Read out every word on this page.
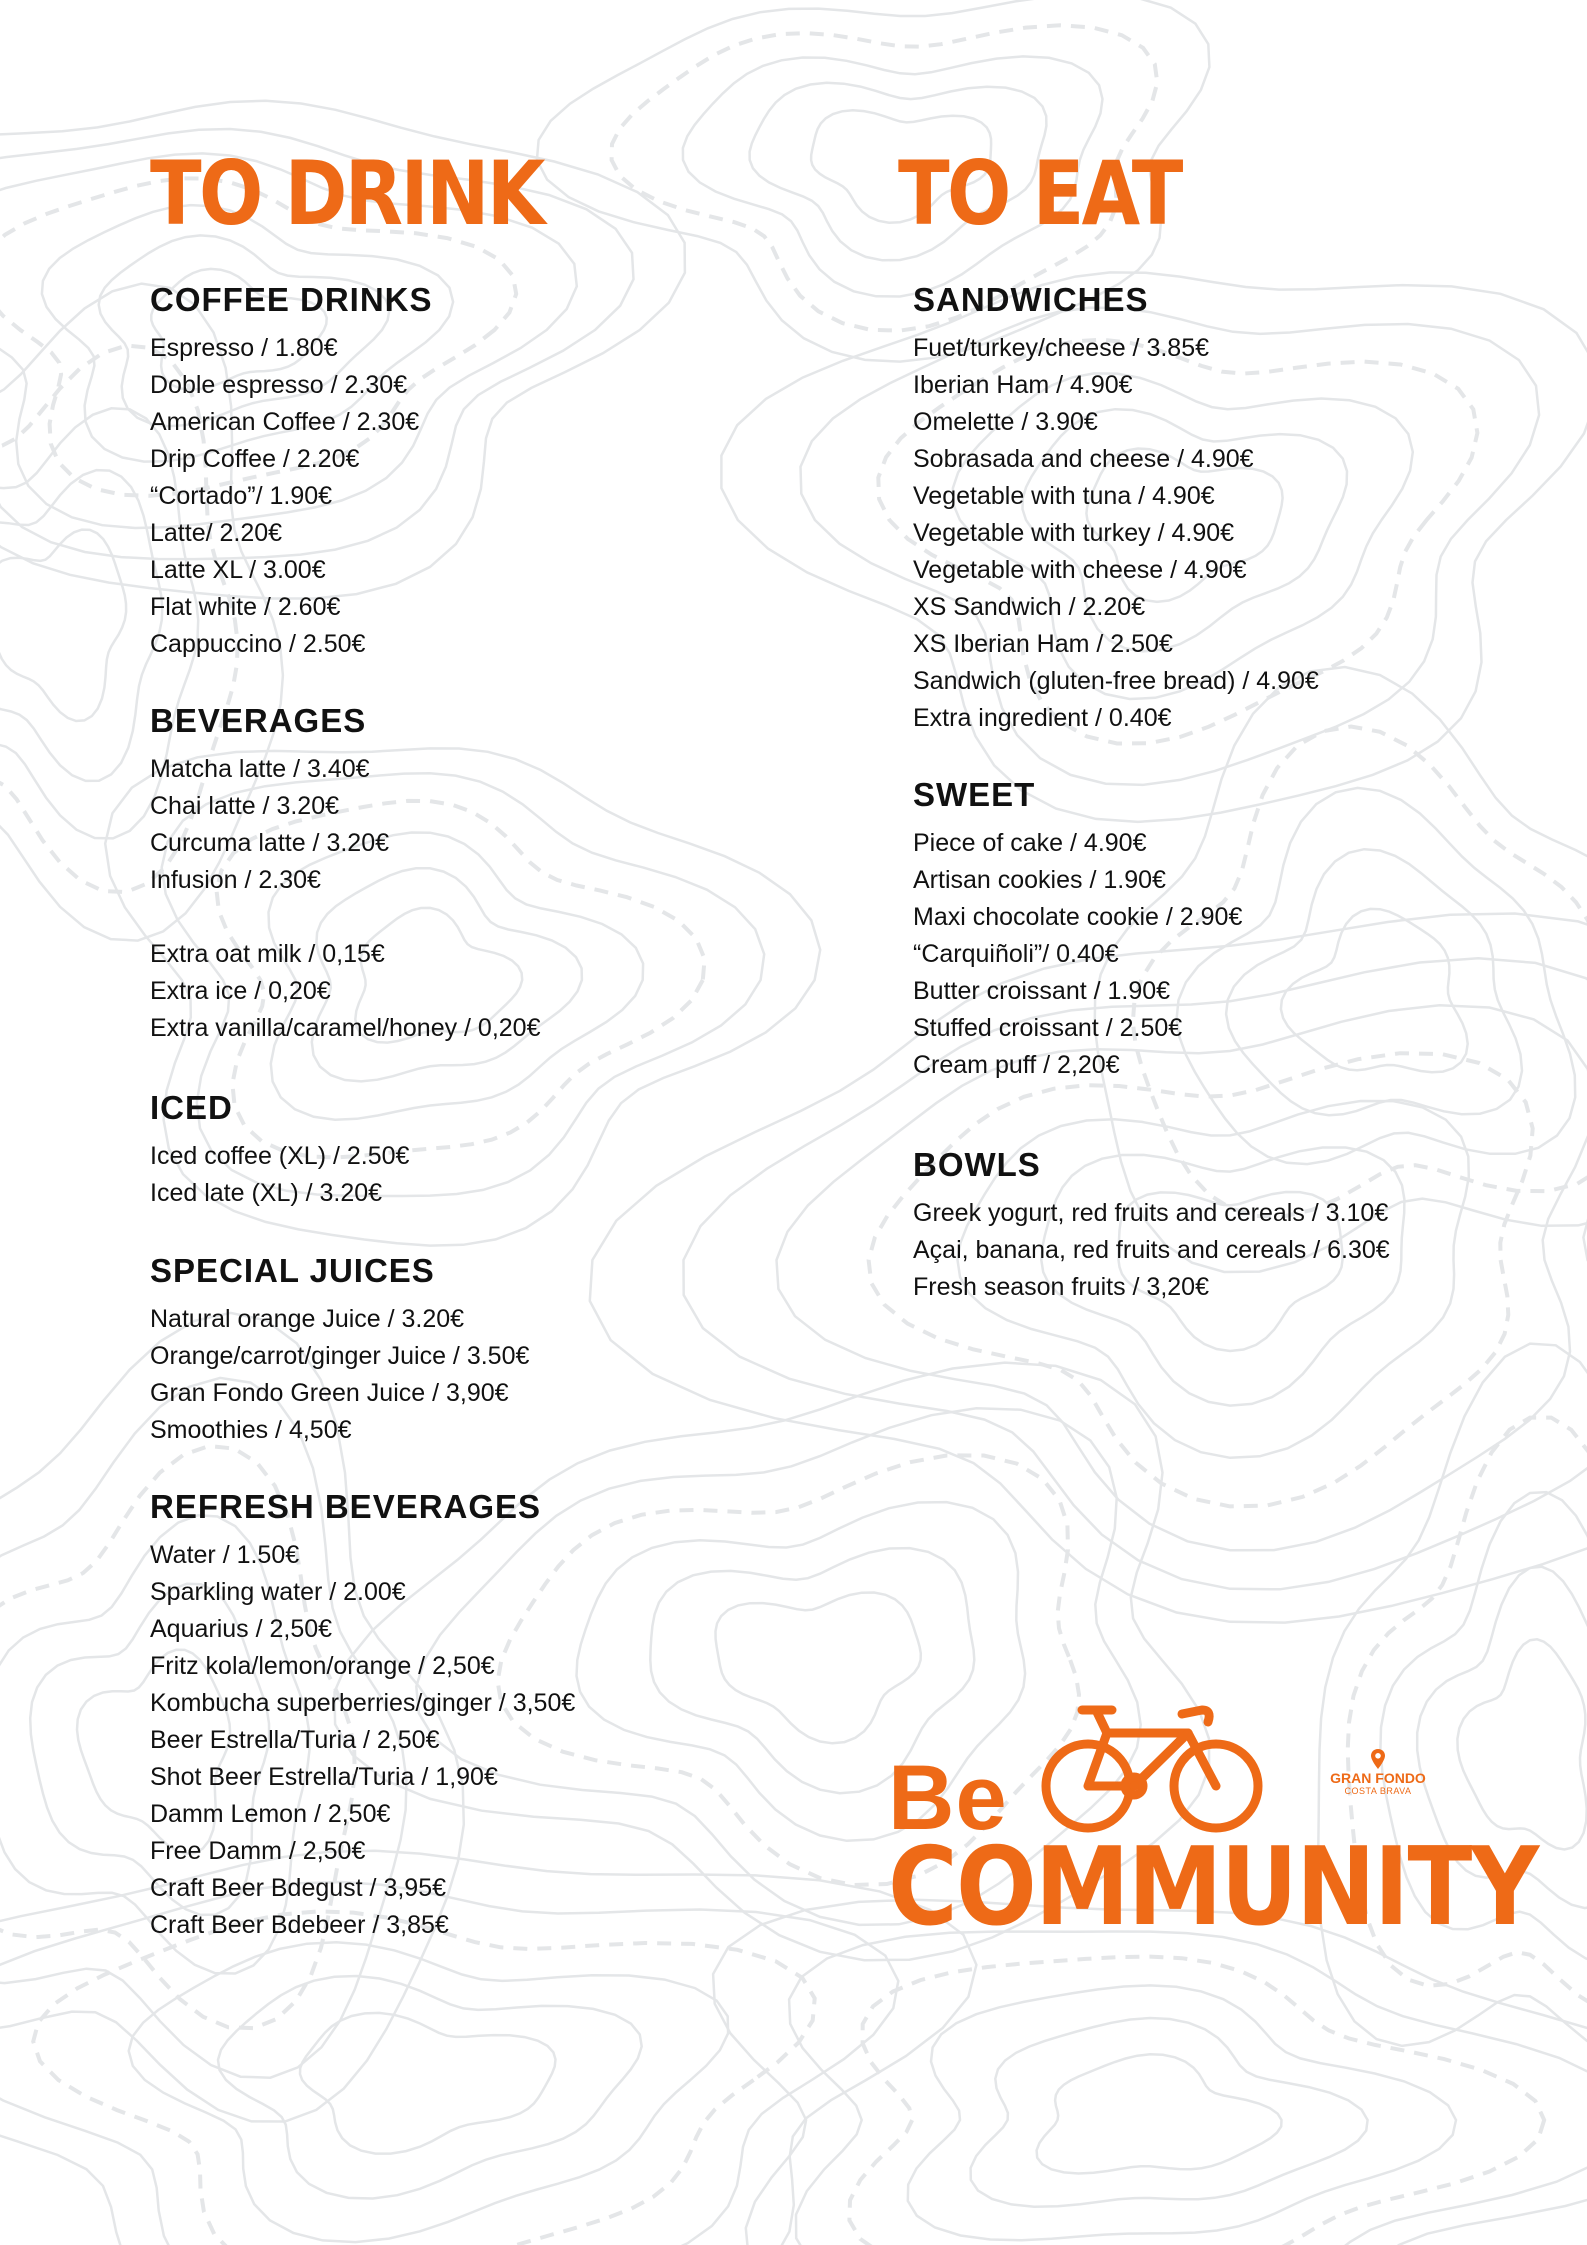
TO DRINK
COFFEE DRINKS
Espresso / 1.80€
Doble espresso / 2.30€
American Coffee / 2.30€
Drip Coffee / 2.20€
“Cortado”/ 1.90€
Latte/ 2.20€
Latte XL / 3.00€
Flat white / 2.60€
Cappuccino / 2.50€
BEVERAGES
Matcha latte / 3.40€
Chai latte / 3.20€
Curcuma latte / 3.20€
Infusion / 2.30€
Extra oat milk / 0,15€
Extra ice / 0,20€
Extra vanilla/caramel/honey / 0,20€
ICED
Iced coffee (XL) / 2.50€
Iced late (XL) / 3.20€
SPECIAL JUICES
Natural orange Juice / 3.20€
Orange/carrot/ginger Juice / 3.50€
Gran Fondo Green Juice / 3,90€
Smoothies / 4,50€
REFRESH BEVERAGES
Water / 1.50€
Sparkling water / 2.00€
Aquarius / 2,50€
Fritz kola/lemon/orange / 2,50€
Kombucha superberries/ginger / 3,50€
Beer Estrella/Turia / 2,50€
Shot Beer Estrella/Turia / 1,90€
Damm Lemon / 2,50€
Free Damm / 2,50€
Craft Beer Bdegust / 3,95€
Craft Beer Bdebeer / 3,85€
TO EAT
SANDWICHES
Fuet/turkey/cheese / 3.85€
Iberian Ham / 4.90€
Omelette / 3.90€
Sobrasada and cheese / 4.90€
Vegetable with tuna / 4.90€
Vegetable with turkey / 4.90€
Vegetable with cheese / 4.90€
XS Sandwich / 2.20€
XS Iberian Ham / 2.50€
Sandwich (gluten-free bread) / 4.90€
Extra ingredient / 0.40€
SWEET
Piece of cake / 4.90€
Artisan cookies / 1.90€
Maxi chocolate cookie / 2.90€
“Carquiñoli”/ 0.40€
Butter croissant / 1.90€
Stuffed croissant / 2.50€
Cream puff / 2,20€
BOWLS
Greek yogurt, red fruits and cereals / 3.10€
Açai, banana, red fruits and cereals / 6.30€
Fresh season fruits / 3,20€
Be	GRAN FONDO
COSTA BRAVA
COMMUNITY
